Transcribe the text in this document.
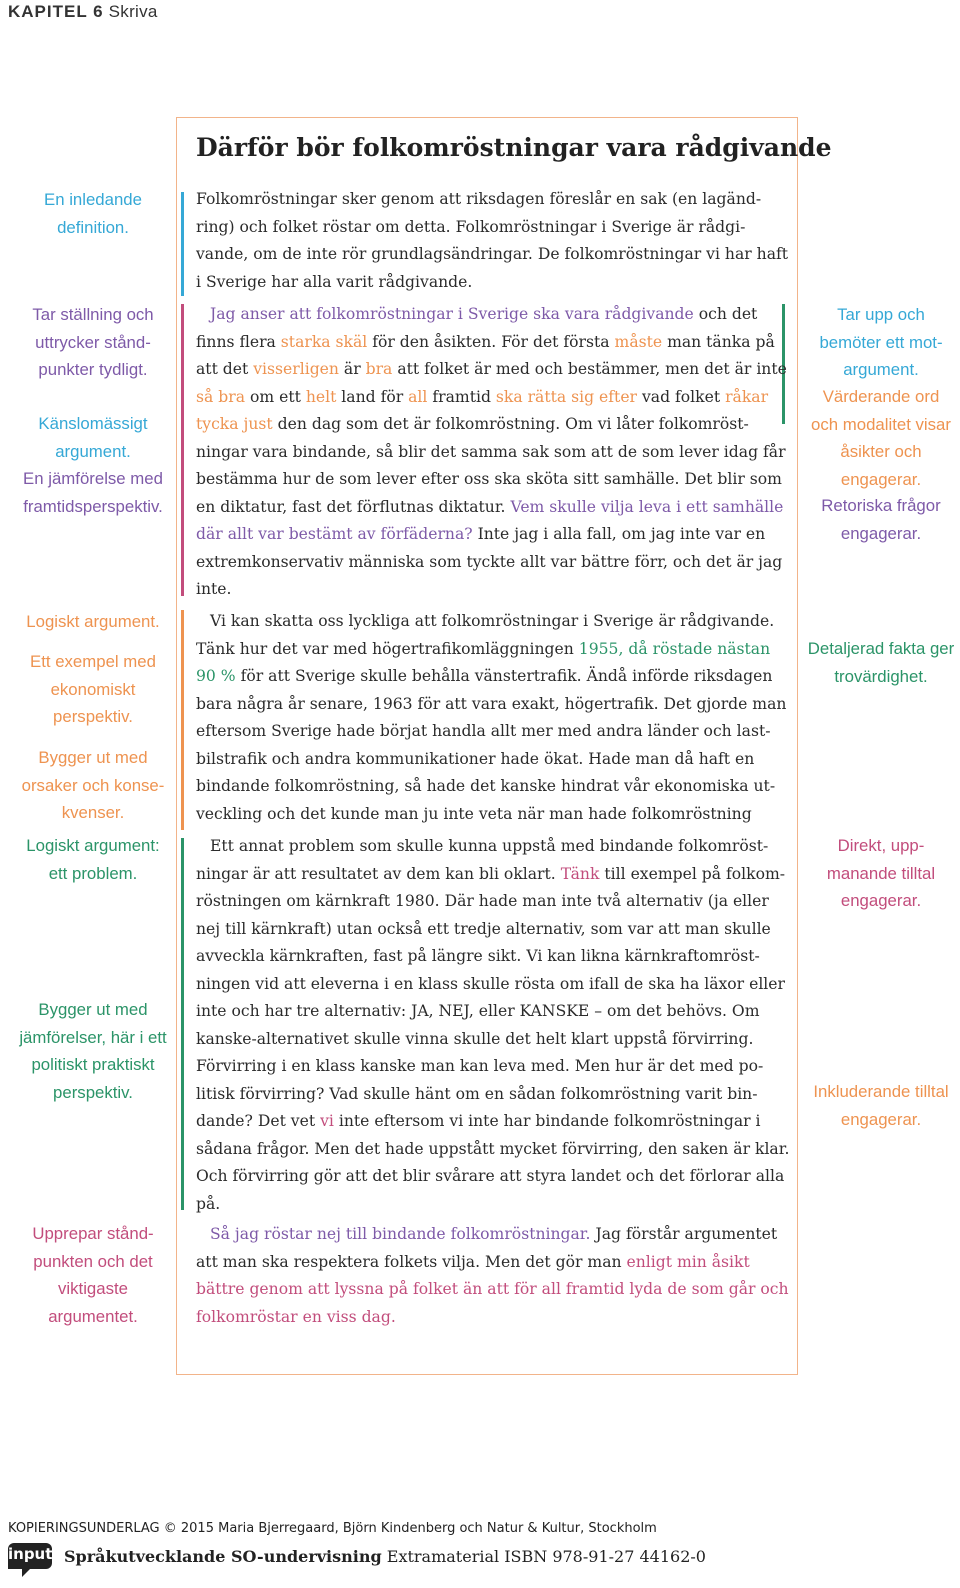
KAPITEL 6 Skriva
Därför bör folkomröstningar vara rådgivande

Folkomröstningar sker genom att riksdagen föreslår en sak (en lagändring) och folket röstar om detta. Folkomröstningar i Sverige är rådgivande, om de inte rör grundlagsändringar. De folkomröstningar vi har haft i Sverige har alla varit rådgivande.

Jag anser att folkomröstningar i Sverige ska vara rådgivande och det finns flera starka skäl för den åsikten. För det första måste man tänka på att det visserligen är bra att folket är med och bestämmer, men det är inte så bra om ett helt land för all framtid ska rätta sig efter vad folket råkar tycka just den dag som det är folkomröstning. Om vi låter folkomröstningar vara bindande, så blir det samma sak som att de som lever idag får bestämma hur de som lever efter oss ska sköta sitt samhälle. Det blir som en diktatur, fast det förflutnas diktatur. Vem skulle vilja leva i ett samhälle där allt var bestämt av förfäderna? Inte jag i alla fall, om jag inte var en extremkonservativ människa som tyckte allt var bättre förr, och det är jag inte.

Vi kan skatta oss lyckliga att folkomröstningar i Sverige är rådgivande. Tänk hur det var med högertrafikomläggningen 1955, då röstade nästan 90 % för att Sverige skulle behålla vänstertrafik. Ändå införde riksdagen bara några år senare, 1963 för att vara exakt, högertrafik. Det gjorde man eftersom Sverige hade börjat handla allt mer med andra länder och lastbilstrafik och andra kommunikationer hade ökat. Hade man då haft en bindande folkomröstning, så hade det kanske hindrat vår ekonomiska utveckling och det kunde man ju inte veta när man hade folkomröstning

Ett annat problem som skulle kunna uppstå med bindande folkomröstningar är att resultatet av dem kan bli oklart. Tänk till exempel på folkomröstningen om kärnkraft 1980. Där hade man inte två alternativ (ja eller nej till kärnkraft) utan också ett tredje alternativ, som var att man skulle avveckla kärnkraften, fast på längre sikt. Vi kan likna kärnkraftomröstningen vid att eleverna i en klass skulle rösta om ifall de ska ha läxor eller inte och har tre alternativ: JA, NEJ, eller KANSKE – om det behövs. Om kanske-alternativet skulle vinna skulle det helt klart uppstå förvirring. Förvirring i en klass kanske man kan leva med. Men hur är det med politisk förvirring? Vad skulle hänt om en sådan folkomröstning varit bindande? Det vet vi inte eftersom vi inte har bindande folkomröstningar i sådana frågor. Men det hade uppstått mycket förvirring, den saken är klar. Och förvirring gör att det blir svårare att styra landet och det förlorar alla på.

Så jag röstar nej till bindande folkomröstningar. Jag förstår argumentet att man ska respektera folkets vilja. Men det gör man enligt min åsikt bättre genom att lyssna på folket än att för all framtid lyda de som går och folkomröstar en viss dag.

En inledande
definition.

Tar ställning och
uttrycker stånd-
punkter tydligt.

Känslomässigt
argument.

En jämförelse med
framtidsperspektiv.

Logiskt argument.

Ett exempel med
ekonomiskt
perspektiv.

Bygger ut med
orsaker och konse-
kvenser.

Logiskt argument:
ett problem.

Bygger ut med
jämförelser, här i ett
politiskt praktiskt
perspektiv.

Upprepar stånd-
punkten och det
viktigaste
argumentet.

Tar upp och
bemöter ett mot-
argument.

Värderande ord
och modalitet visar
åsikter och
engagerar.

Retoriska frågor
engagerar.

Detaljerad fakta ger
trovärdighet.

Direkt, upp-
manande tilltal
engagerar.

Inkluderande tilltal
engagerar.

KOPIERINGSUNDERLAG © 2015 Maria Bjerregaard, Björn Kindenberg och Natur & Kultur, Stockholm
input Språkutvecklande SO-undervisning Extramaterial ISBN 978-91-27 44162-0
